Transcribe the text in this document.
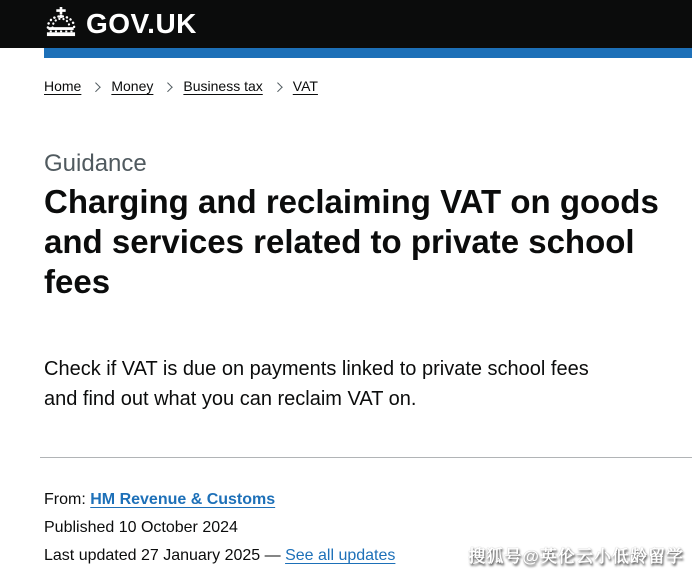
GOV.UK
Home Money Business tax VAT

Guidance

Charging and reclaiming VAT on goods
and services related to private school
fees

Check if VAT is due on payments linked to private school fees
and find out what you can reclaim VAT on.

From: HM Revenue & Customs

Published 10 October 2024

Last updated 27 January 2025 — See all updates	搜狐号@英伦云小低龄留学
